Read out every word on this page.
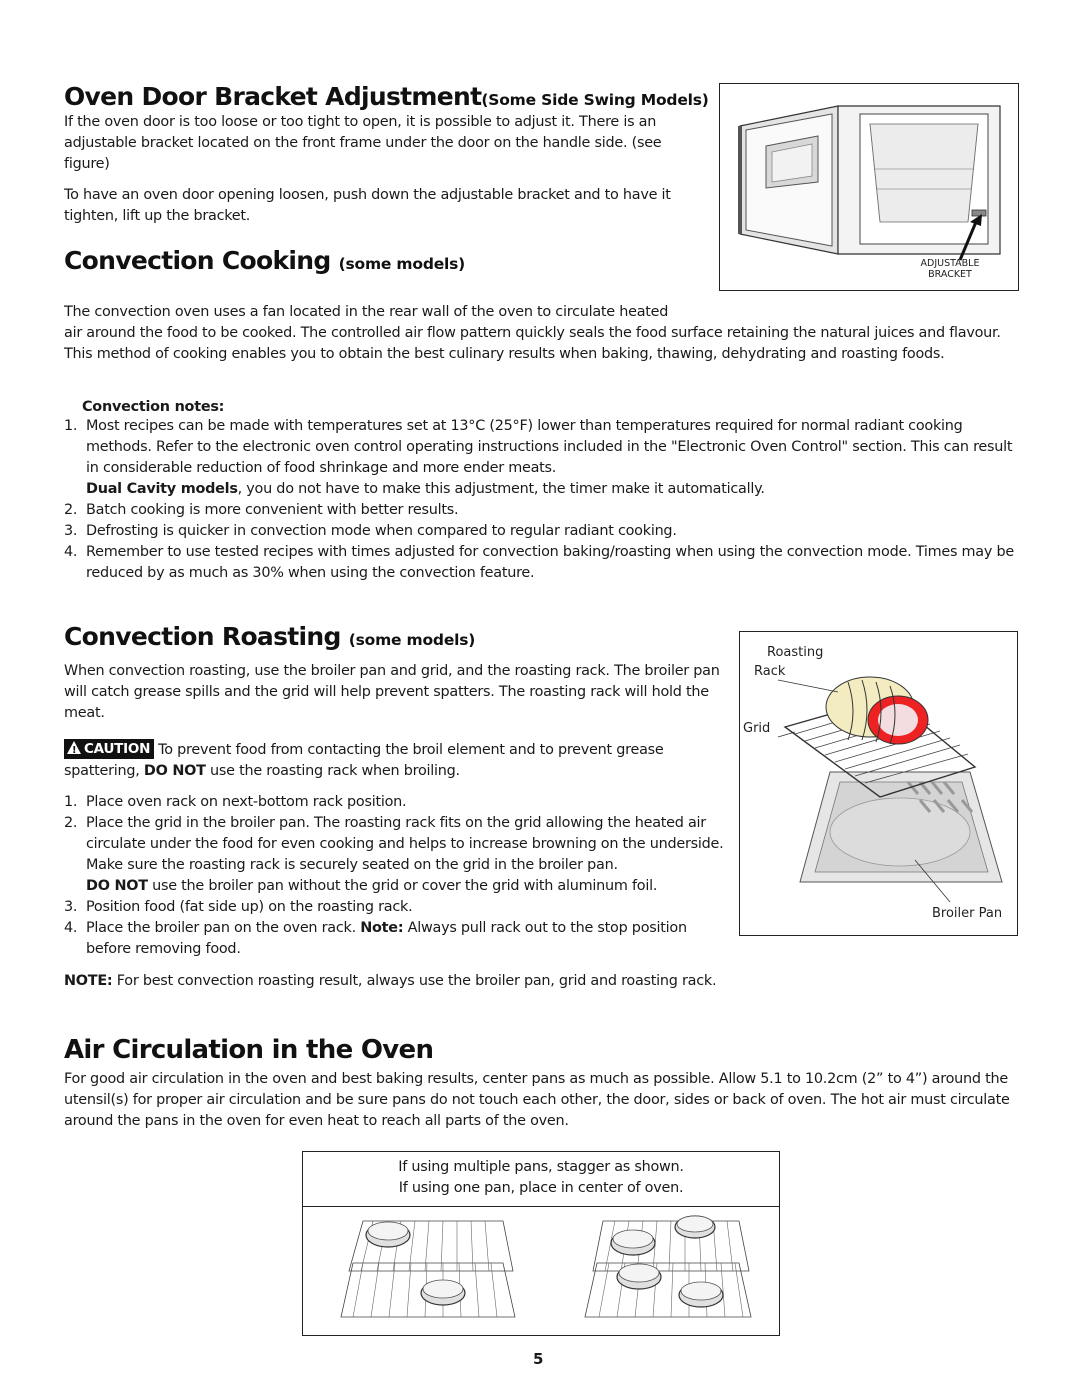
Oven Door Bracket Adjustment(Some Side Swing Models)

If the oven door is too loose or too tight to open, it is possible to adjust it. There is an adjustable bracket located on the front frame under the door on the handle side. (see figure)

To have an oven door opening loosen, push down the adjustable bracket and to have it tighten, lift up the bracket.

ADJUSTABLE
BRACKET
Convection Cooking (some models)

The convection oven uses a fan located in the rear wall of the oven to circulate heated

air around the food to be cooked. The controlled air flow pattern quickly seals the food surface retaining the natural juices and flavour. This method of cooking enables you to obtain the best culinary results when baking, thawing, dehydrating and roasting foods.

Convection notes:
1. Most recipes can be made with temperatures set at 13°C (25°F) lower than temperatures required for normal radiant cooking methods. Refer to the electronic oven control operating instructions included in the "Electronic Oven Control" section. This can result in considerable reduction of food shrinkage and more ender meats.
Dual Cavity models, you do not have to make this adjustment, the timer make it automatically.
2. Batch cooking is more convenient with better results.
3. Defrosting is quicker in convection mode when compared to regular radiant cooking.
4. Remember to use tested recipes with times adjusted for convection baking/roasting when using the convection mode. Times may be reduced by as much as 30% when using the convection feature.
Convection Roasting (some models)

When convection roasting, use the broiler pan and grid, and the roasting rack. The broiler pan will catch grease spills and the grid will help prevent spatters. The roasting rack will hold the meat.

!CAUTION To prevent food from contacting the broil element and to prevent grease
spattering, DO NOT use the roasting rack when broiling.

1. Place oven rack on next-bottom rack position.
2. Place the grid in the broiler pan. The roasting rack fits on the grid allowing the heated air circulate under the food for even cooking and helps to increase browning on the underside. Make sure the roasting rack is securely seated on the grid in the broiler pan.
DO NOT use the broiler pan without the grid or cover the grid with aluminum foil.
3. Position food (fat side up) on the roasting rack.
4. Place the broiler pan on the oven rack. Note: Always pull rack out to the stop position before removing food.

NOTE: For best convection roasting result, always use the broiler pan, grid and roasting rack.

Roasting
Rack
Grid
Broiler Pan
Air Circulation in the Oven

For good air circulation in the oven and best baking results, center pans as much as possible. Allow 5.1 to 10.2cm (2” to 4”) around the utensil(s) for proper air circulation and be sure pans do not touch each other, the door, sides or back of oven. The hot air must circulate around the pans in the oven for even heat to reach all parts of the oven.

If using multiple pans, stagger as shown.
If using one pan, place in center of oven.
5
